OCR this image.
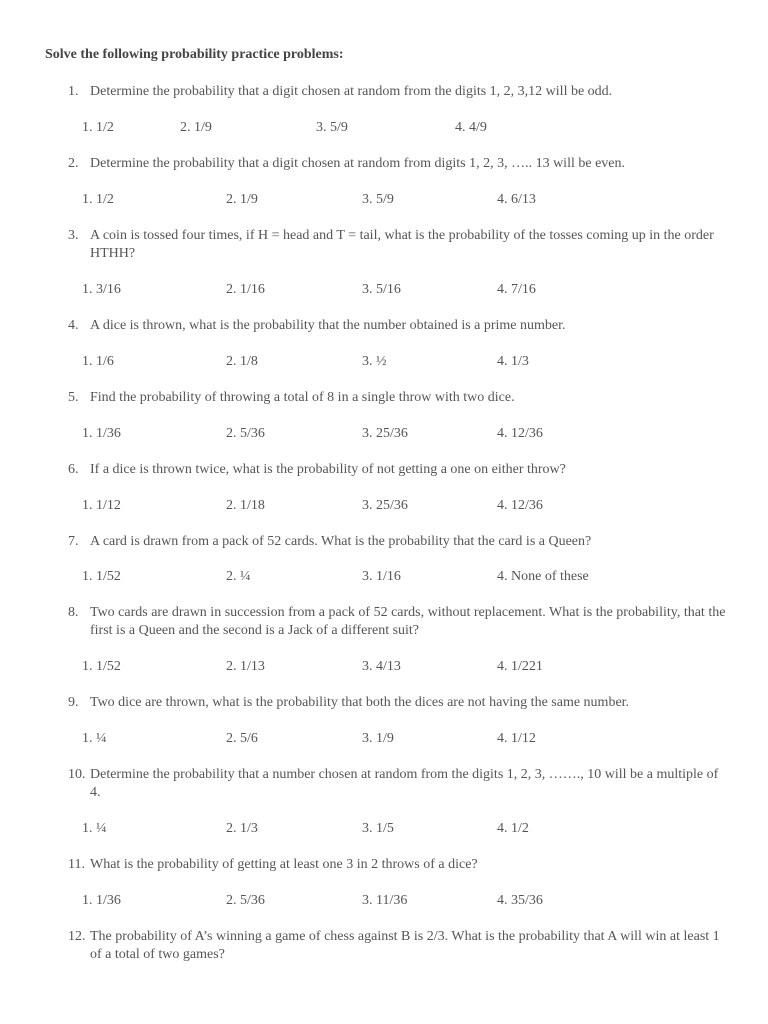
Solve the following probability practice problems:
1. Determine the probability that a digit chosen at random from the digits 1, 2, 3,12 will be odd.
1. 1/2	2. 1/9	3. 5/9	4. 4/9
2. Determine the probability that a digit chosen at random from digits 1, 2, 3, ….. 13 will be even.
1. 1/2	2. 1/9	3. 5/9	4. 6/13
3. A coin is tossed four times, if H = head and T = tail, what is the probability of the tosses coming up in the order HTHH?
1. 3/16	2. 1/16	3. 5/16	4. 7/16
4. A dice is thrown, what is the probability that the number obtained is a prime number.
1. 1/6	2. 1/8	3. ½	4. 1/3
5. Find the probability of throwing a total of 8 in a single throw with two dice.
1. 1/36	2. 5/36	3. 25/36	4. 12/36
6. If a dice is thrown twice, what is the probability of not getting a one on either throw?
1. 1/12	2. 1/18	3. 25/36	4. 12/36
7. A card is drawn from a pack of 52 cards. What is the probability that the card is a Queen?
1. 1/52	2. ¼	3. 1/16	4. None of these
8. Two cards are drawn in succession from a pack of 52 cards, without replacement. What is the probability, that the first is a Queen and the second is a Jack of a different suit?
1. 1/52	2. 1/13	3. 4/13	4. 1/221
9. Two dice are thrown, what is the probability that both the dices are not having the same number.
1. ¼	2. 5/6	3. 1/9	4. 1/12
10. Determine the probability that a number chosen at random from the digits 1, 2, 3, ……., 10 will be a multiple of 4.
1. ¼	2. 1/3	3. 1/5	4. 1/2
11. What is the probability of getting at least one 3 in 2 throws of a dice?
1. 1/36	2. 5/36	3. 11/36	4. 35/36
12. The probability of A’s winning a game of chess against B is 2/3. What is the probability that A will win at least 1 of a total of two games?
